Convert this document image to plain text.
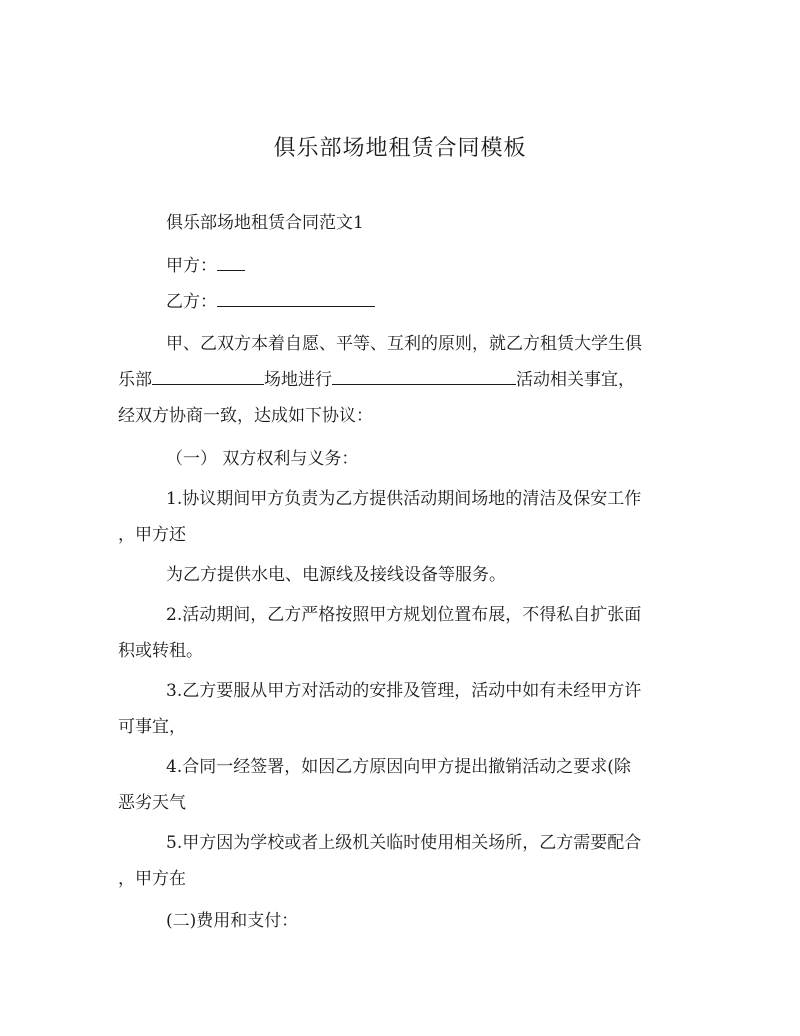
俱乐部场地租赁合同模板
俱乐部场地租赁合同范文1
甲方：
乙方：
甲、乙双方本着自愿、平等、互利的原则，就乙方租赁大学生俱
乐部	场地进行	活动相关事宜，
经双方协商一致，达成如下协议：
（一） 双方权利与义务：
1.协议期间甲方负责为乙方提供活动期间场地的清洁及保安工作
，甲方还
为乙方提供水电、电源线及接线设备等服务。
2.活动期间，乙方严格按照甲方规划位置布展，不得私自扩张面
积或转租。
3.乙方要服从甲方对活动的安排及管理，活动中如有未经甲方许
可事宜，
4.合同一经签署，如因乙方原因向甲方提出撤销活动之要求(除
恶劣天气
5.甲方因为学校或者上级机关临时使用相关场所，乙方需要配合
，甲方在
(二)费用和支付：
